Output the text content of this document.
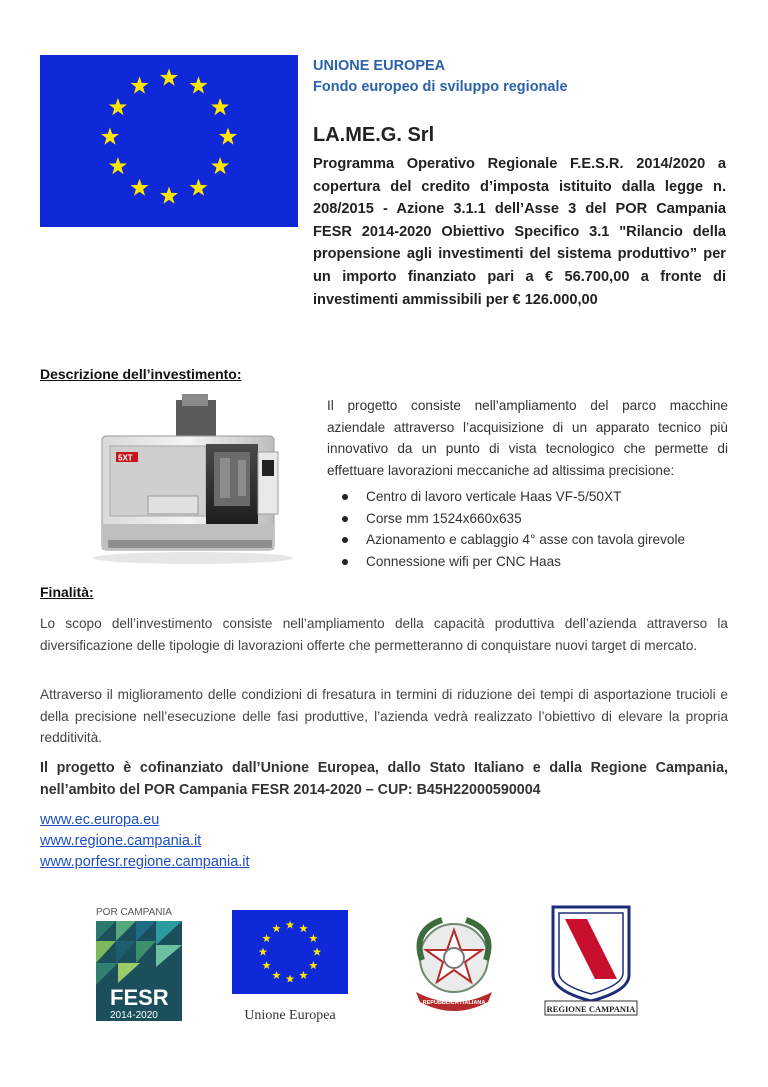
UNIONE EUROPEA
Fondo europeo di sviluppo regionale
LA.ME.G. Srl
Programma Operativo Regionale F.E.S.R. 2014/2020 a copertura del credito d’imposta istituito dalla legge n. 208/2015 - Azione 3.1.1 dell’Asse 3 del POR Campania FESR 2014-2020 Obiettivo Specifico 3.1 "Rilancio della propensione agli investimenti del sistema produttivo” per un importo finanziato pari a € 56.700,00 a fronte di investimenti ammissibili per € 126.000,00
Descrizione dell’investimento:
5XT
Il progetto consiste nell’ampliamento del parco macchine aziendale attraverso l’acquisizione di un apparato tecnico più innovativo da un punto di vista tecnologico che permette di effettuare lavorazioni meccaniche ad altissima precisione:
Centro di lavoro verticale Haas VF-5/50XT
Corse mm 1524x660x635
Azionamento e cablaggio 4° asse con tavola girevole
Connessione wifi per CNC Haas
Finalità:
Lo scopo dell’investimento consiste nell’ampliamento della capacità produttiva dell’azienda attraverso la diversificazione delle tipologie di lavorazioni offerte che permetteranno di conquistare nuovi target di mercato.
Attraverso il miglioramento delle condizioni di fresatura in termini di riduzione dei tempi di asportazione trucioli e della precisione nell’esecuzione delle fasi produttive, l’azienda vedrà realizzato l’obiettivo di elevare la propria redditività.
Il progetto è cofinanziato dall’Unione Europea, dallo Stato Italiano e dalla Regione Campania, nell’ambito del POR Campania FESR 2014-2020 – CUP: B45H22000590004
www.ec.europa.eu
www.regione.campania.it
www.porfesr.regione.campania.it
POR CAMPANIA
FESR
2014-2020	Unione Europea
REPUBBLICA ITALIANA
REGIONE CAMPANIA
